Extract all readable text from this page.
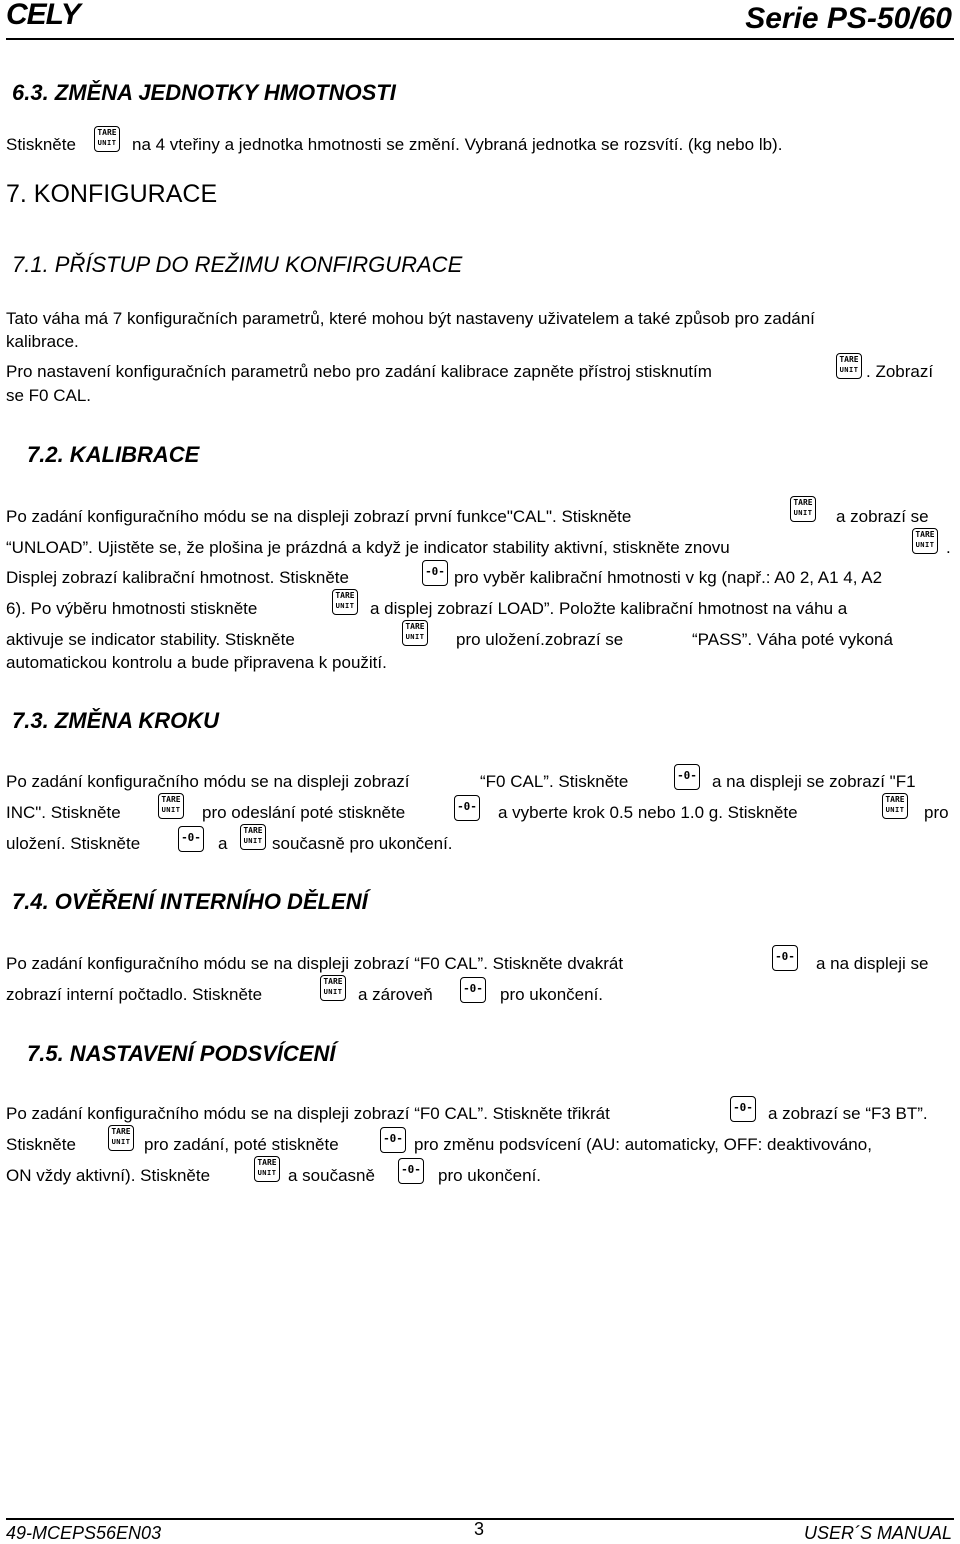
CELY	Serie PS-50/60
6.3. ZMĚNA JEDNOTKY HMOTNOSTI
Stiskněte
TARE
UNIT na 4 vteřiny a jednotka hmotnosti se změní. Vybraná jednotka se rozsvítí. (kg nebo lb).
7. KONFIGURACE
7.1. PŘÍSTUP DO REŽIMU KONFIRGURACE
Tato váha má 7 konfiguračních parametrů, které mohou být nastaveny uživatelem a také způsob pro zadání
kalibrace.
Pro nastavení konfiguračních parametrů nebo pro zadání kalibrace zapněte přístroj stisknutím
TARE
UNIT . Zobrazí
se F0 CAL.
7.2. KALIBRACE
Po zadání konfiguračního módu se na displeji zobrazí první funkce"CAL". Stiskněte
TARE
UNIT a zobrazí se
“UNLOAD”. Ujistěte se, že plošina je prázdná a když je indicator stability aktivní, stiskněte znovu
TARE
UNIT .
Displej zobrazí kalibrační hmotnost. Stiskněte	-0- pro vyběr kalibrační hmotnosti v kg (např.: A0 2, A1 4, A2
6). Po výběru hmotnosti stiskněte
TARE
UNIT a displej zobrazí LOAD”. Položte kalibrační hmotnost na váhu a
aktivuje se indicator stability. Stiskněte
TARE
UNIT pro uložení.zobrazí se	“PASS”. Váha poté vykoná
automatickou kontrolu a bude připravena k použití.
7.3. ZMĚNA KROKU
Po zadání konfiguračního módu se na displeji zobrazí	“F0 CAL”. Stiskněte	-0- a na displeji se zobrazí "F1
INC". Stiskněte
TARE
UNIT pro odeslání poté stiskněte	-0- a vyberte krok 0.5 nebo 1.0 g. Stiskněte
TARE
UNIT pro
uložení. Stiskněte	-0- a
TARE
UNIT současně pro ukončení.
7.4. OVĚŘENÍ INTERNÍHO DĚLENÍ
Po zadání konfiguračního módu se na displeji zobrazí “F0 CAL”. Stiskněte dvakrát	-0- a na displeji se
zobrazí interní počtadlo. Stiskněte
TARE
UNIT a zároveň	-0- pro ukončení.
7.5. NASTAVENÍ PODSVÍCENÍ
Po zadání konfiguračního módu se na displeji zobrazí “F0 CAL”. Stiskněte třikrát	-0- a zobrazí se “F3 BT”.
Stiskněte
TARE
UNIT pro zadání, poté stiskněte	-0- pro změnu podsvícení (AU: automaticky, OFF: deaktivováno,
ON vždy aktivní). Stiskněte
TARE
UNIT a současně -0- pro ukončení.
49-MCEPS56EN03	3	USER´S MANUAL
